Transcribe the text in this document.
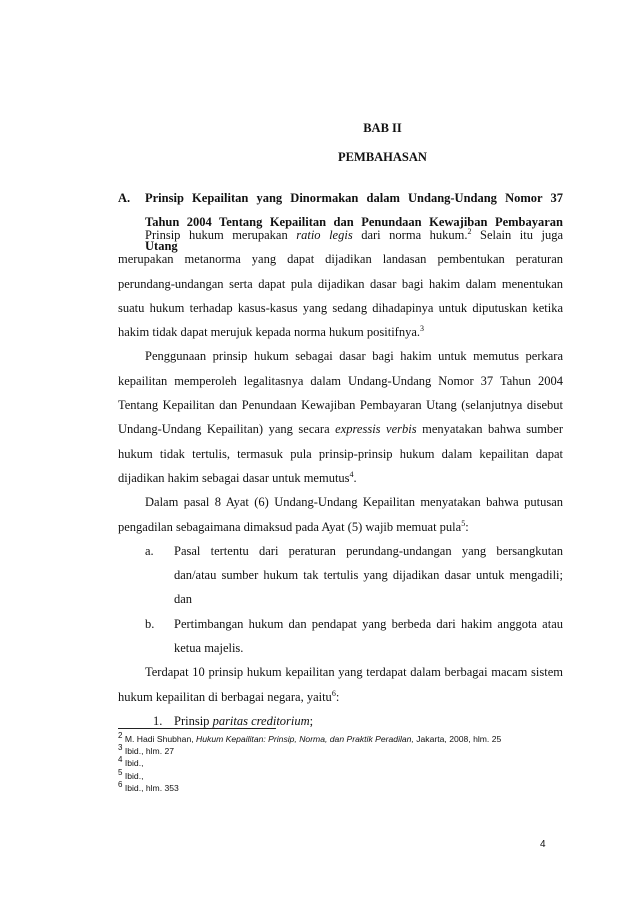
BAB II
PEMBAHASAN
A. Prinsip Kepailitan yang Dinormakan dalam Undang-Undang Nomor 37 Tahun 2004 Tentang Kepailitan dan Penundaan Kewajiban Pembayaran Utang

Prinsip hukum merupakan ratio legis dari norma hukum.$^2$ Selain itu juga merupakan metanorma yang dapat dijadikan landasan pembentukan peraturan perundang-undangan serta dapat pula dijadikan dasar bagi hakim dalam menentukan suatu hukum terhadap kasus-kasus yang sedang dihadapinya untuk diputuskan ketika hakim tidak dapat merujuk kepada norma hukum positifnya.$^3$

Penggunaan prinsip hukum sebagai dasar bagi hakim untuk memutus perkara kepailitan memperoleh legalitasnya dalam Undang-Undang Nomor 37 Tahun 2004 Tentang Kepailitan dan Penundaan Kewajiban Pembayaran Utang (selanjutnya disebut Undang-Undang Kepailitan) yang secara expressis verbis menyatakan bahwa sumber hukum tidak tertulis, termasuk pula prinsip-prinsip hukum dalam kepailitan dapat dijadikan hakim sebagai dasar untuk memutus$^4$.

Dalam pasal 8 Ayat (6) Undang-Undang Kepailitan menyatakan bahwa putusan pengadilan sebagaimana dimaksud pada Ayat (5) wajib memuat pula$^5$:

a. Pasal tertentu dari peraturan perundang-undangan yang bersangkutan dan/atau sumber hukum tak tertulis yang dijadikan dasar untuk mengadili; dan

b. Pertimbangan hukum dan pendapat yang berbeda dari hakim anggota atau ketua majelis.

Terdapat 10 prinsip hukum kepailitan yang terdapat dalam berbagai macam sistem hukum kepailitan di berbagai negara, yaitu$^6$:

1. Prinsip paritas creditorium;

$^2$ M. Hadi Shubhan, Hukum Kepailitan: Prinsip, Norma, dan Praktik Peradilan, Jakarta, 2008, hlm. 25
$^3$ Ibid., hlm. 27
$^4$ Ibid.,
$^5$ Ibid.,
$^6$ Ibid., hlm. 353
4
